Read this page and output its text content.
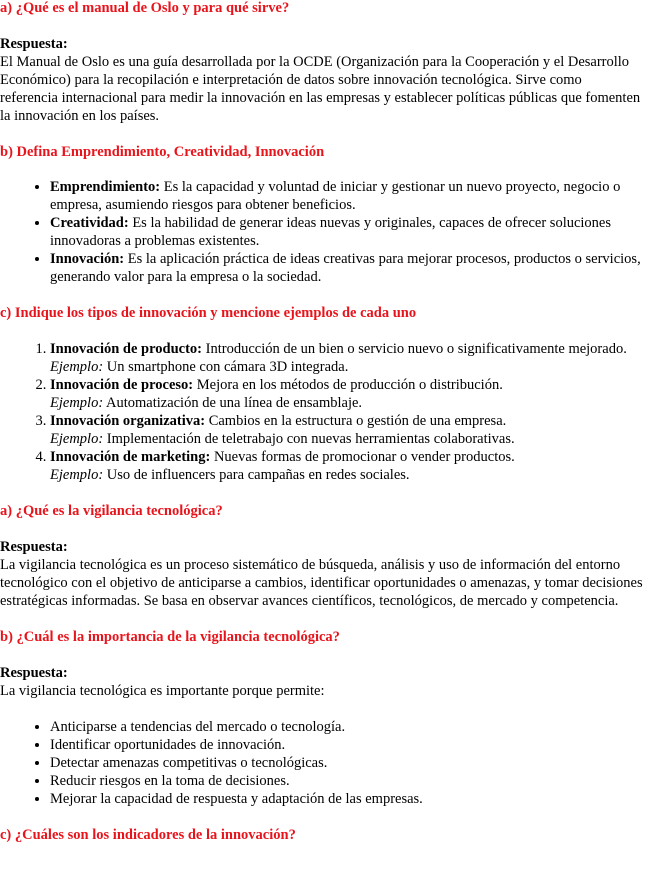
a) ¿Qué es el manual de Oslo y para qué sirve?

Respuesta:

El Manual de Oslo es una guía desarrollada por la OCDE (Organización para la Cooperación y el Desarrollo Económico) para la recopilación e interpretación de datos sobre innovación tecnológica. Sirve como referencia internacional para medir la innovación en las empresas y establecer políticas públicas que fomenten la innovación en los países.

b) Defina Emprendimiento, Creatividad, Innovación

• Emprendimiento: Es la capacidad y voluntad de iniciar y gestionar un nuevo proyecto, negocio o empresa, asumiendo riesgos para obtener beneficios.
• Creatividad: Es la habilidad de generar ideas nuevas y originales, capaces de ofrecer soluciones innovadoras a problemas existentes.
• Innovación: Es la aplicación práctica de ideas creativas para mejorar procesos, productos o servicios, generando valor para la empresa o la sociedad.

c) Indique los tipos de innovación y mencione ejemplos de cada uno

1. Innovación de producto: Introducción de un bien o servicio nuevo o significativamente mejorado.
Ejemplo: Un smartphone con cámara 3D integrada.
2. Innovación de proceso: Mejora en los métodos de producción o distribución.
Ejemplo: Automatización de una línea de ensamblaje.
3. Innovación organizativa: Cambios en la estructura o gestión de una empresa.
Ejemplo: Implementación de teletrabajo con nuevas herramientas colaborativas.
4. Innovación de marketing: Nuevas formas de promocionar o vender productos.
Ejemplo: Uso de influencers para campañas en redes sociales.

a) ¿Qué es la vigilancia tecnológica?

Respuesta:

La vigilancia tecnológica es un proceso sistemático de búsqueda, análisis y uso de información del entorno tecnológico con el objetivo de anticiparse a cambios, identificar oportunidades o amenazas, y tomar decisiones estratégicas informadas. Se basa en observar avances científicos, tecnológicos, de mercado y competencia.

b) ¿Cuál es la importancia de la vigilancia tecnológica?

Respuesta:

La vigilancia tecnológica es importante porque permite:

• Anticiparse a tendencias del mercado o tecnología.
• Identificar oportunidades de innovación.
• Detectar amenazas competitivas o tecnológicas.
• Reducir riesgos en la toma de decisiones.
• Mejorar la capacidad de respuesta y adaptación de las empresas.

c) ¿Cuáles son los indicadores de la innovación?
